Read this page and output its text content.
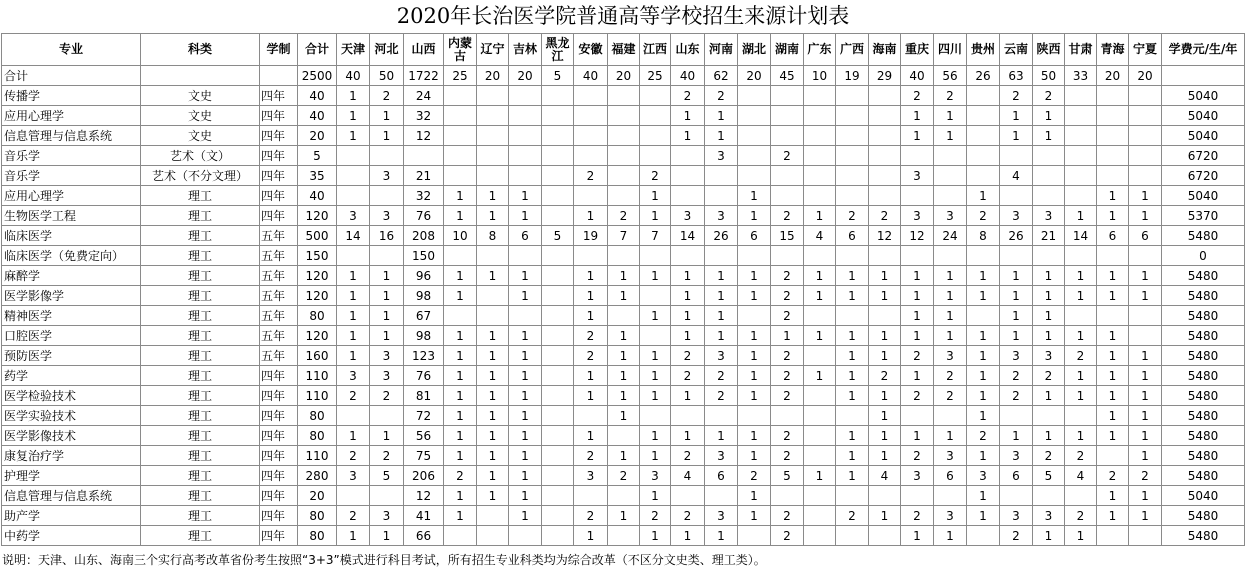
2020年长治医学院普通高等学校招生来源计划表
专业	科类	学制	合计	天津	河北	山西	内蒙古	辽宁	吉林	黑龙江	安徽	福建	江西	山东	河南	湖北	湖南	广东	广西	海南	重庆	四川	贵州	云南	陕西	甘肃	青海	宁夏	学费元/生/年
合计			2500	40	50	1722	25	20	20	5	40	20	25	40	62	20	45	10	19	29	40	56	26	63	50	33	20	20	
传播学	文史	四年	40	1	2	24								2	2						2	2		2	2				5040
应用心理学	文史	四年	40	1	1	32								1	1						1	1		1	1				5040
信息管理与信息系统	文史	四年	20	1	1	12								1	1						1	1		1	1				5040
音乐学	艺术（文）	四年	5												3		2												6720
音乐学	艺术（不分文理）	四年	35		3	21					2		2								3			4					6720
应用心理学	理工	四年	40			32	1	1	1				1			1							1				1	1	5040
生物医学工程	理工	四年	120	3	3	76	1	1	1		1	2	1	3	3	1	2	1	2	2	3	3	2	3	3	1	1	1	5370
临床医学	理工	五年	500	14	16	208	10	8	6	5	19	7	7	14	26	6	15	4	6	12	12	24	8	26	21	14	6	6	5480
临床医学（免费定向）	理工	五年	150			150																							0
麻醉学	理工	五年	120	1	1	96	1	1	1		1	1	1	1	1	1	2	1	1	1	1	1	1	1	1	1	1	1	5480
医学影像学	理工	五年	120	1	1	98	1		1		1	1		1	1	1	2	1	1	1	1	1	1	1	1	1	1	1	5480
精神医学	理工	五年	80	1	1	67					1		1	1	1		2				1	1		1	1				5480
口腔医学	理工	五年	120	1	1	98	1	1	1		2	1		1	1	1	1	1	1	1	1	1	1	1	1	1	1		5480
预防医学	理工	五年	160	1	3	123	1	1	1		2	1	1	2	3	1	2		1	1	2	3	1	3	3	2	1	1	5480
药学	理工	四年	110	3	3	76	1	1	1		1	1	1	2	2	1	2	1	1	2	1	2	1	2	2	1	1	1	5480
医学检验技术	理工	四年	110	2	2	81	1	1	1		1	1	1	1	2	1	2		1	1	2	2	1	2	1	1	1	1	5480
医学实验技术	理工	四年	80			72	1	1	1			1								1			1				1	1	5480
医学影像技术	理工	四年	80	1	1	56	1	1	1		1		1	1	1	1	2		1	1	1	1	2	1	1	1	1	1	5480
康复治疗学	理工	四年	110	2	2	75	1	1	1		2	1	1	2	3	1	2		1	1	2	3	1	3	2	2		1	5480
护理学	理工	四年	280	3	5	206	2	1	1		3	2	3	4	6	2	5	1	1	4	3	6	3	6	5	4	2	2	5480
信息管理与信息系统	理工	四年	20			12	1	1	1				1			1							1				1	1	5040
助产学	理工	四年	80	2	3	41	1		1		2	1	2	2	3	1	2		2	1	2	3	1	3	3	2	1	1	5480
中药学	理工	四年	80	1	1	66					1		1	1	1		2				1	1		2	1	1			5480
说明：天津、山东、海南三个实行高考改革省份考生按照“3+3”模式进行科目考试，所有招生专业科类均为综合改革（不区分文史类、理工类）。
